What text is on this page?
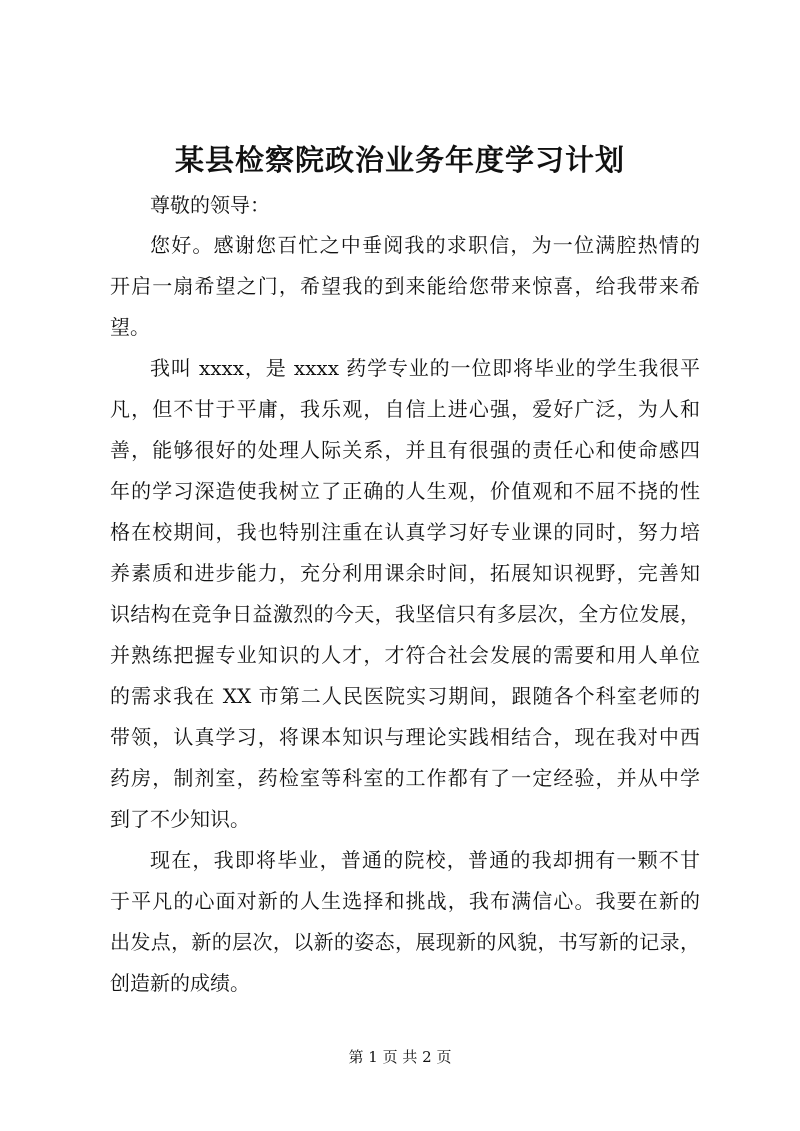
某县检察院政治业务年度学习计划
尊敬的领导：
您好。感谢您百忙之中垂阅我的求职信，为一位满腔热情的
开启一扇希望之门，希望我的到来能给您带来惊喜，给我带来希
望。
我叫 xxxx，是 xxxx 药学专业的一位即将毕业的学生我很平
凡，但不甘于平庸，我乐观，自信上进心强，爱好广泛，为人和
善，能够很好的处理人际关系，并且有很强的责任心和使命感四
年的学习深造使我树立了正确的人生观，价值观和不屈不挠的性
格在校期间，我也特别注重在认真学习好专业课的同时，努力培
养素质和进步能力，充分利用课余时间，拓展知识视野，完善知
识结构在竞争日益激烈的今天，我坚信只有多层次，全方位发展，
并熟练把握专业知识的人才，才符合社会发展的需要和用人单位
的需求我在 XX 市第二人民医院实习期间，跟随各个科室老师的
带领，认真学习，将课本知识与理论实践相结合，现在我对中西
药房，制剂室，药检室等科室的工作都有了一定经验，并从中学
到了不少知识。
现在，我即将毕业，普通的院校，普通的我却拥有一颗不甘
于平凡的心面对新的人生选择和挑战，我布满信心。我要在新的
出发点，新的层次，以新的姿态，展现新的风貌，书写新的记录，
创造新的成绩。
第 1 页 共 2 页
